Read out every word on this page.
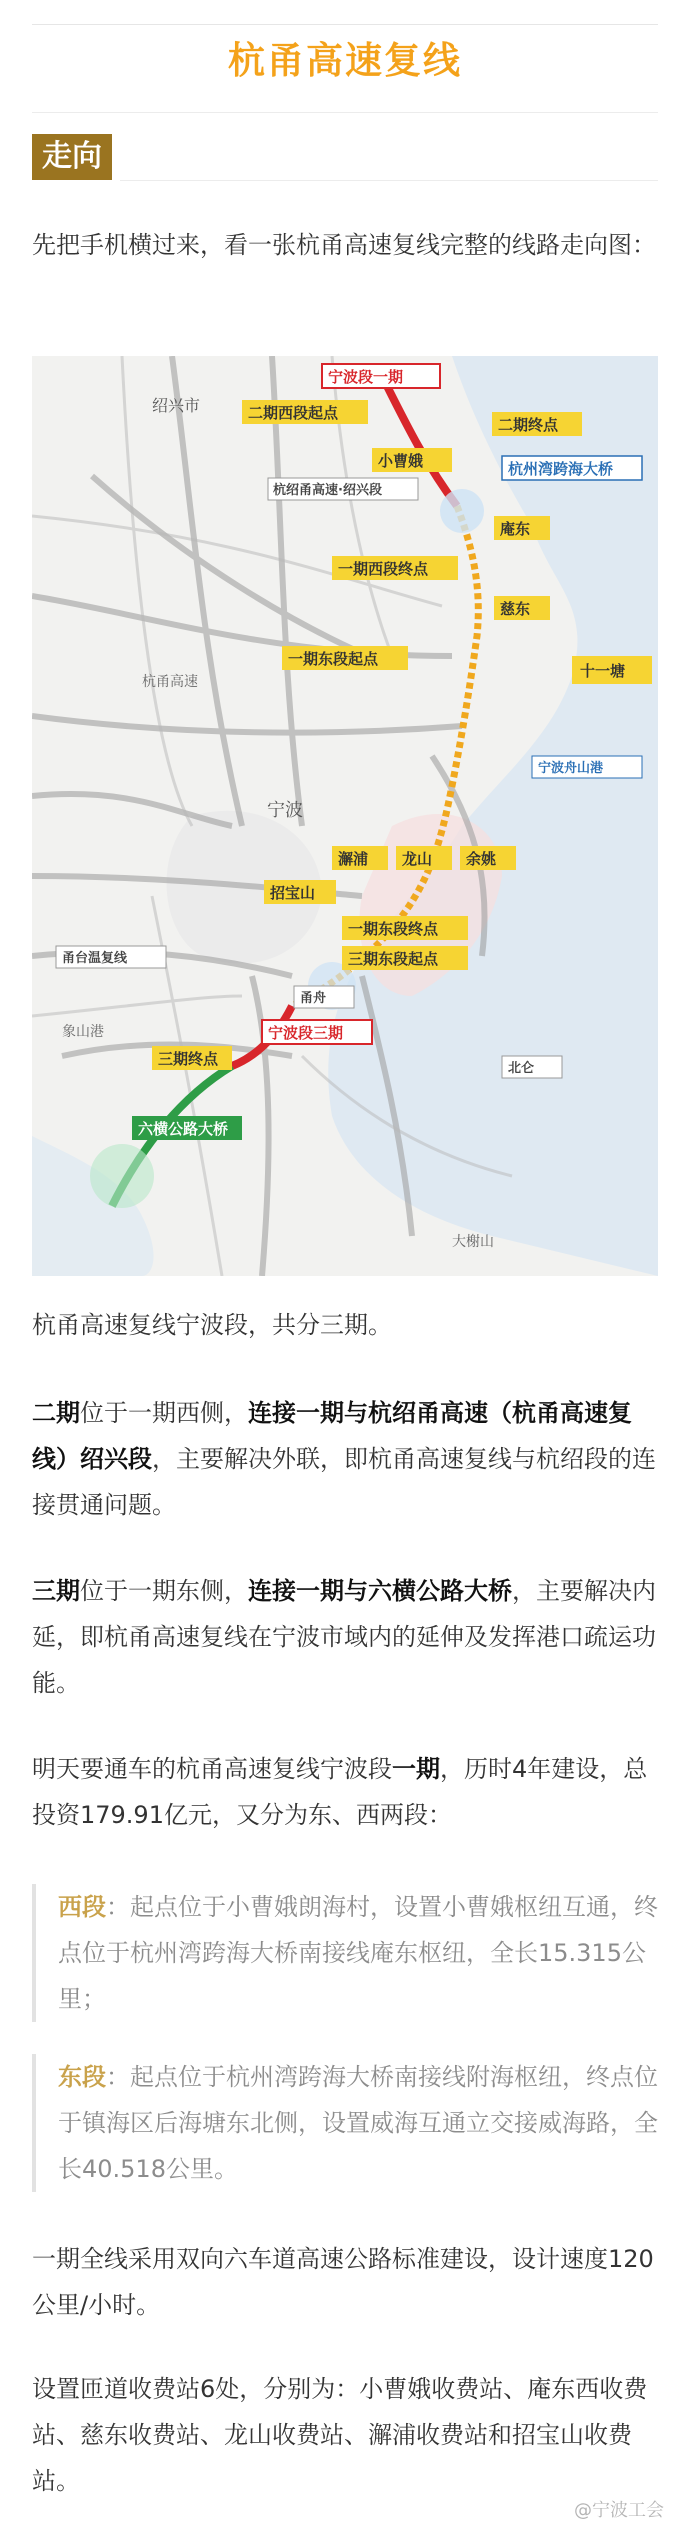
杭甬高速复线
走向
先把手机横过来，看一张杭甬高速复线完整的线路走向图：
绍兴市
宁波
杭甬高速
大榭山
象山港
宁波段一期
二期西段起点
二期终点
小曹娥	杭州湾跨海大桥
庵东
一期西段终点
慈东
十一塘
一期东段起点
杭绍甬高速·绍兴段
宁波舟山港
澥浦 龙山 余姚
招宝山
一期东段终点
三期东段起点
甬舟
宁波段三期
三期终点
六横公路大桥
甬台温复线
北仑
杭甬高速复线宁波段，共分三期。
二期位于一期西侧，连接一期与杭绍甬高速（杭甬高速复线）绍兴段，主要解决外联，即杭甬高速复线与杭绍段的连接贯通问题。
三期位于一期东侧，连接一期与六横公路大桥，主要解决内延，即杭甬高速复线在宁波市域内的延伸及发挥港口疏运功能。
明天要通车的杭甬高速复线宁波段一期，历时4年建设，总投资179.91亿元，又分为东、西两段：
西段：起点位于小曹娥朗海村，设置小曹娥枢纽互通，终点位于杭州湾跨海大桥南接线庵东枢纽，全长15.315公里；
东段：起点位于杭州湾跨海大桥南接线附海枢纽，终点位于镇海区后海塘东北侧，设置威海互通立交接威海路，全长40.518公里。
一期全线采用双向六车道高速公路标准建设，设计速度120公里/小时。
设置匝道收费站6处，分别为：小曹娥收费站、庵东西收费站、慈东收费站、龙山收费站、澥浦收费站和招宝山收费站。
@宁波工会
